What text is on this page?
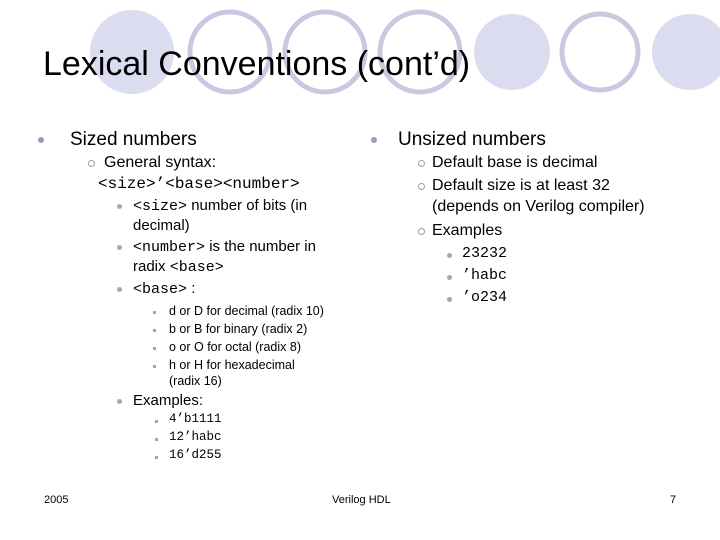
Lexical Conventions (cont’d)
Sized numbers
General syntax:
<size>’<base><number>
<size> number of bits (in
decimal)
<number> is the number in
radix <base>
<base> :
d or D for decimal (radix 10)
b or B for binary (radix 2)
o or O for octal (radix 8)
h or H for hexadecimal
(radix 16)
Examples:
4’b1111
12’habc
16’d255
Unsized numbers
Default base is decimal
Default size is at least 32
(depends on Verilog compiler)
Examples
23232
’habc
’o234
2005	Verilog HDL	7
